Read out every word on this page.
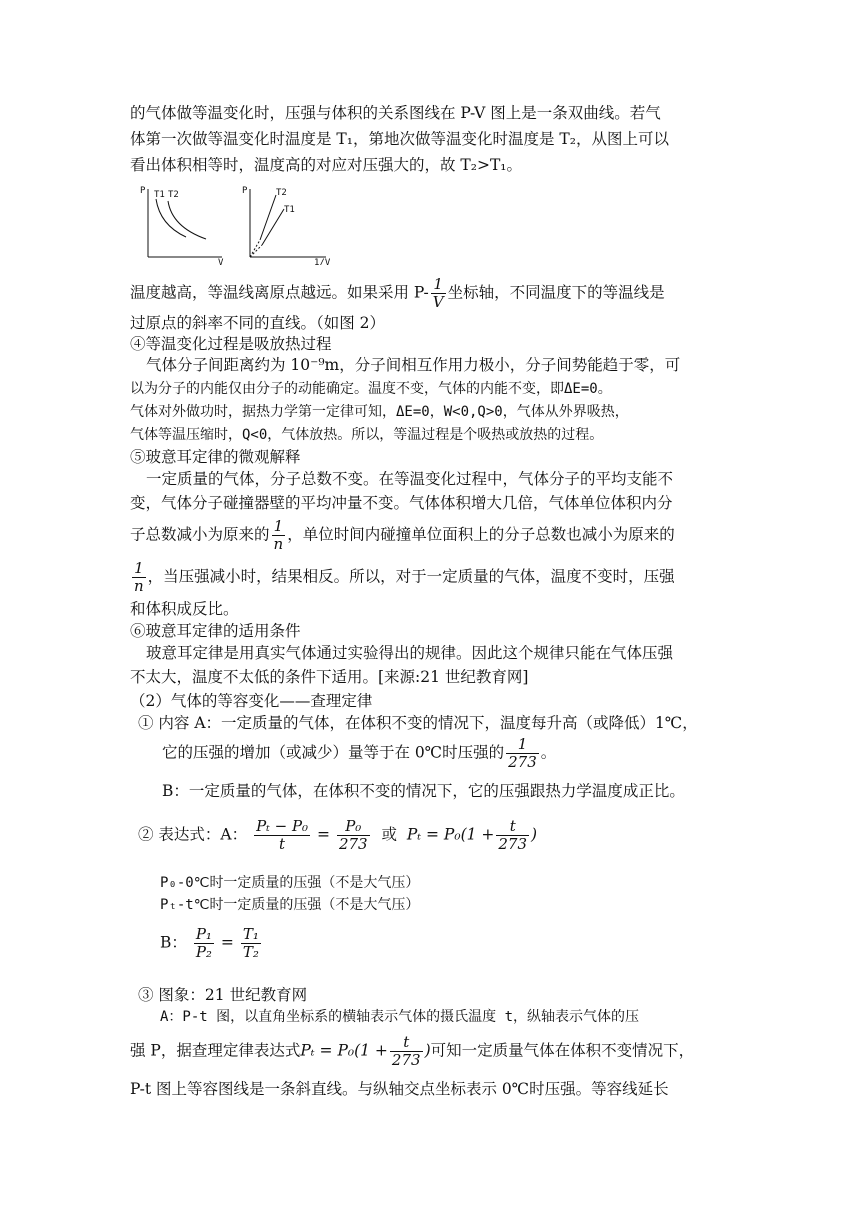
的气体做等温变化时，压强与体积的关系图线在 P-V 图上是一条双曲线。若气
体第一次做等温变化时温度是 T₁，第地次做等温变化时温度是 T₂，从图上可以
看出体积相等时，温度高的对应对压强大的，故 T₂>T₁。
P
V
T1 T2	P
1/V
T2
T1
温度越高，等温线离原点越远。如果采用 $P- \frac{1}{V}$ 坐标轴，不同温度下的等温线是
过原点的斜率不同的直线。（如图 2）
④等温变化过程是吸放热过程
气体分子间距离约为 10⁻⁹m，分子间相互作用力极小，分子间势能趋于零，可
以为分子的内能仅由分子的动能确定。温度不变，气体的内能不变，即ΔE=0。
气体对外做功时，据热力学第一定律可知，ΔE=0，W<0,Q>0，气体从外界吸热，
气体等温压缩时，Q<0，气体放热。所以，等温过程是个吸热或放热的过程。
⑤玻意耳定律的微观解释
一定质量的气体，分子总数不变。在等温变化过程中，气体分子的平均支能不
变，气体分子碰撞器壁的平均冲量不变。气体体积增大几倍，气体单位体积内分
子总数减小为原来的 $\frac{1}{n}$ ，单位时间内碰撞单位面积上的分子总数也减小为原来的
$\frac{1}{n}$ ，当压强减小时，结果相反。所以，对于一定质量的气体，温度不变时，压强
和体积成反比。
⑥玻意耳定律的适用条件
玻意耳定律是用真实气体通过实验得出的规律。因此这个规律只能在气体压强
不太大，温度不太低的条件下适用。[来源:21 世纪教育网]
（2）气体的等容变化——查理定律
① 内容 A：一定质量的气体，在体积不变的情况下，温度每升高（或降低）1℃，
它的压强的增加（或减少）量等于在 0℃时压强的 $\frac{1}{273}$ 。
B：一定质量的气体，在体积不变的情况下，它的压强跟热力学温度成正比。
② 表达式：A： $\frac{\text{Pₜ − P₀}}{t} = \frac{\text{P₀}}{273}$ 或 $P_t = P_0(1 + \frac{t}{273}$ )
P₀-0℃时一定质量的压强（不是大气压）
Pₜ-t℃时一定质量的压强（不是大气压）
B： $\frac{\text{P₁}}{\text{P₂}} = \frac{\text{T₁}}{\text{T₂}}$
③ 图象：21 世纪教育网
A：P-t 图，以直角坐标系的横轴表示气体的摄氏温度 t，纵轴表示气体的压
强 P，据查理定律表达式$P_t = P_0(1 + \frac{t}{273}$ )可知一定质量气体在体积不变情况下，
P-t 图上等容图线是一条斜直线。与纵轴交点坐标表示 0℃时压强。等容线延长
